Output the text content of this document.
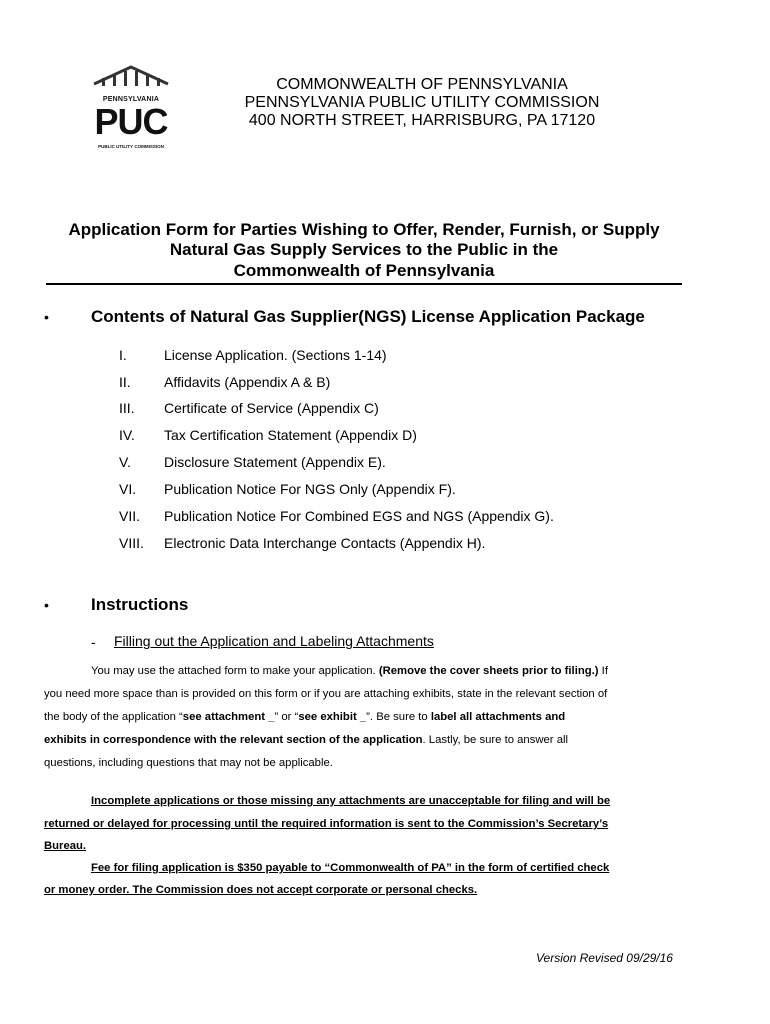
PENNSYLVANIA
PUC
PUBLIC UTILITY COMMISSION
COMMONWEALTH OF PENNSYLVANIA
PENNSYLVANIA PUBLIC UTILITY COMMISSION
400 NORTH STREET, HARRISBURG, PA 17120
Application Form for Parties Wishing to Offer, Render, Furnish, or Supply
Natural Gas Supply Services to the Public in the
Commonwealth of Pennsylvania
• Contents of Natural Gas Supplier(NGS) License Application Package
I.	License Application. (Sections 1-14)
II. Affidavits (Appendix A & B)
III. Certificate of Service (Appendix C)
IV. Tax Certification Statement (Appendix D)
V. Disclosure Statement (Appendix E).
VI. Publication Notice For NGS Only (Appendix F).
VII. Publication Notice For Combined EGS and NGS (Appendix G).
VIII. Electronic Data Interchange Contacts (Appendix H).
• Instructions
- Filling out the Application and Labeling Attachments
You may use the attached form to make your application. (Remove the cover sheets prior to filing.) If
you need more space than is provided on this form or if you are attaching exhibits, state in the relevant section of
the body of the application “see attachment _” or “see exhibit _”. Be sure to label all attachments and
exhibits in correspondence with the relevant section of the application. Lastly, be sure to answer all
questions, including questions that may not be applicable.
Incomplete applications or those missing any attachments are unacceptable for filing and will be
returned or delayed for processing until the required information is sent to the Commission’s Secretary’s
Bureau.
Fee for filing application is $350 payable to “Commonwealth of PA” in the form of certified check
or money order. The Commission does not accept corporate or personal checks.
Version Revised 09/29/16
